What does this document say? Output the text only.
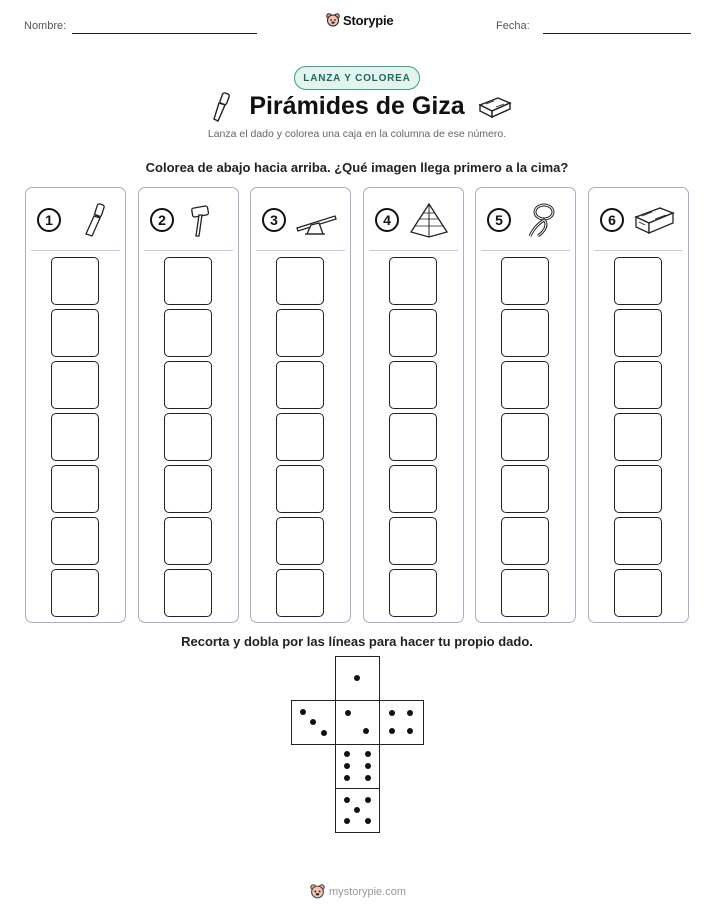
Nombre:	Storypie	Fecha:
LANZA Y COLOREA
Pirámides de Giza
Lanza el dado y colorea una caja en la columna de ese número.
Colorea de abajo hacia arriba. ¿Qué imagen llega primero a la cima?
1	2	3	4	5	6
Recorta y dobla por las líneas para hacer tu propio dado.
mystorypie.com
